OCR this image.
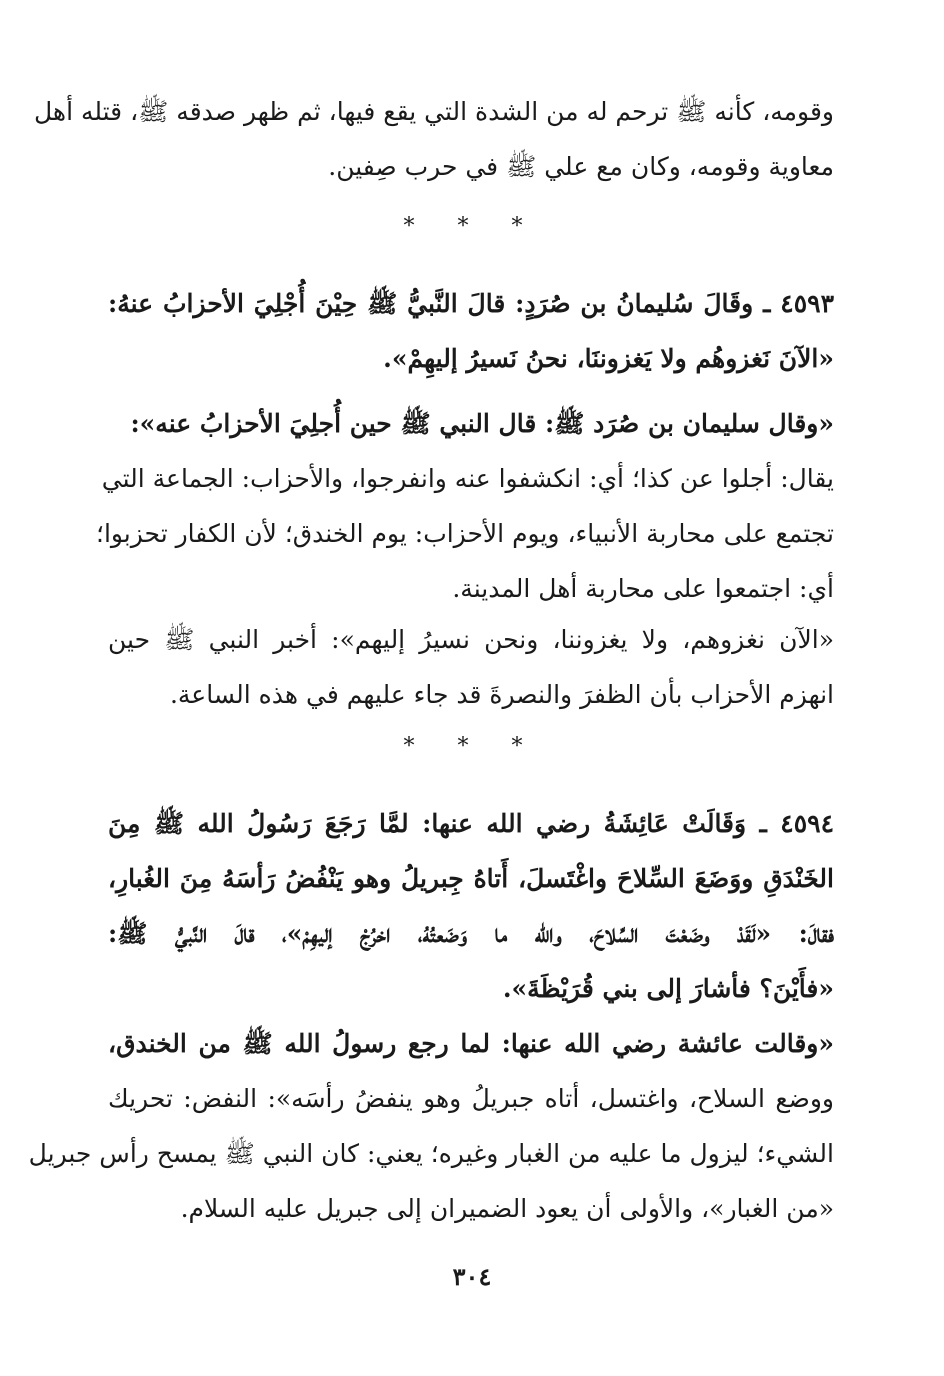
وقومه، كأنه ﷺ ترحم له من الشدة التي يقع فيها، ثم ظهر صدقه ﷺ، قتله أهل
معاوية وقومه، وكان مع علي ﷺ في حرب صِفين.
* * *
٤٥٩٣ ـ وقَالَ سُليمانُ بن صُرَدٍ: قالَ النَّبيُّ ﷺ حِيْنَ أُجْلِيَ الأحزابُ عنهُ:
«الآنَ نَغزوهُم ولا يَغزوننَا، نحنُ نَسيرُ إليهِمْ».
«وقال سليمان بن صُرَد ﷺ: قال النبي ﷺ حين أُجلِيَ الأحزابُ عنه»:
يقال: أجلوا عن كذا؛ أي: انكشفوا عنه وانفرجوا، والأحزاب: الجماعة التي
تجتمع على محاربة الأنبياء، ويوم الأحزاب: يوم الخندق؛ لأن الكفار تحزبوا؛
أي: اجتمعوا على محاربة أهل المدينة.
«الآن نغزوهم، ولا يغزوننا، ونحن نسيرُ إليهم»: أخبر النبي ﷺ حين
انهزم الأحزاب بأن الظفرَ والنصرةَ قد جاء عليهم في هذه الساعة.
* * *
٤٥٩٤ ـ وَقَالَتْ عَائِشَةُ رضي الله عنها: لمَّا رَجَعَ رَسُولُ الله ﷺ مِنَ
الخَنْدَقِ ووَضَعَ السِّلاحَ واغْتَسلَ، أَتاهُ جِبريلُ وهو يَنْفُضُ رَأسَهُ مِنَ الغُبارِ،
فقالَ: «لَقَدْ وضَعْتَ السِّلاحَ، والله ما وَضَعتُهُ، اخرُجْ إليهِمْ»، قالَ النَّبيُّ ﷺ:
«فأَيْنَ؟ فأشارَ إلى بني قُرَيْظَةَ».
«وقالت عائشة رضي الله عنها: لما رجع رسولُ الله ﷺ من الخندق،
ووضع السلاح، واغتسل، أتاه جبريلُ وهو ينفضُ رأسَه»: النفض: تحريك
الشيء؛ ليزول ما عليه من الغبار وغيره؛ يعني: كان النبي ﷺ يمسح رأس جبريل
«من الغبار»، والأولى أن يعود الضميران إلى جبريل عليه السلام.
٣٠٤
